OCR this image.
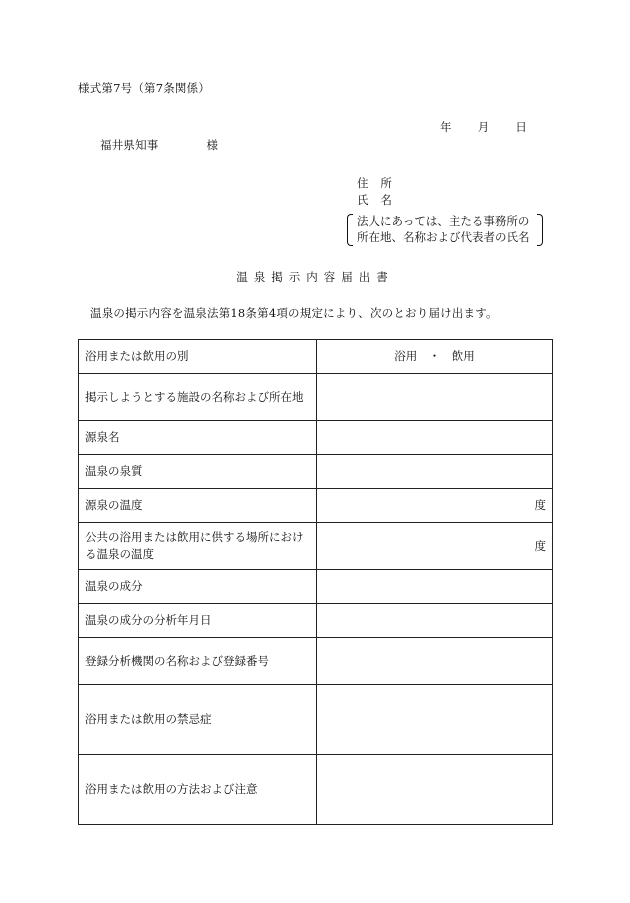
様式第7号（第7条関係）
年 月 日
福井県知事	様
住　所
氏　名
法人にあっては、主たる事務所の
所在地、名称および代表者の氏名
温泉掲示内容届出書
温泉の掲示内容を温泉法第18条第4項の規定により、次のとおり届け出ます。
浴用または飲用の別	浴用　・　飲用
掲示しようとする施設の名称および所在地	
源泉名	
温泉の泉質	
源泉の温度	度
公共の浴用または飲用に供する場所における温泉の温度	度
温泉の成分	
温泉の成分の分析年月日	
登録分析機関の名称および登録番号	
浴用または飲用の禁忌症	
浴用または飲用の方法および注意	
